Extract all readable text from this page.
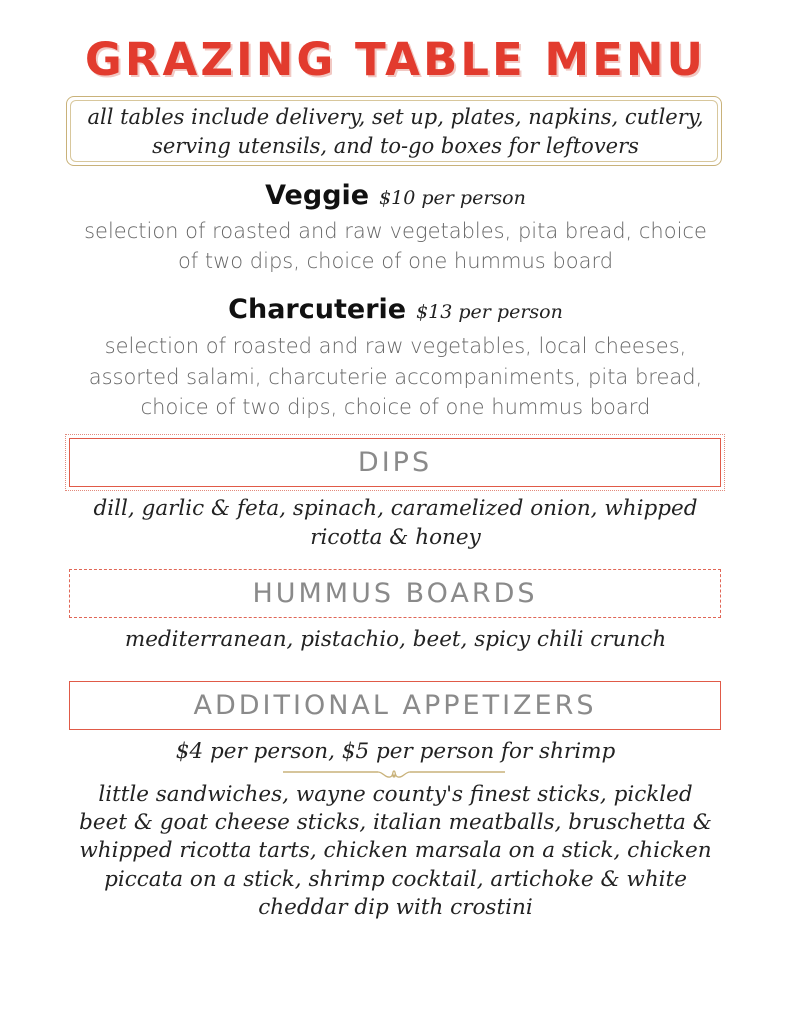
GRAZING TABLE MENU
all tables include delivery, set up, plates, napkins, cutlery,
serving utensils, and to-go boxes for leftovers
Veggie $10 per person
selection of roasted and raw vegetables, pita bread, choice
of two dips, choice of one hummus board
Charcuterie $13 per person
selection of roasted and raw vegetables, local cheeses,
assorted salami, charcuterie accompaniments, pita bread,
choice of two dips, choice of one hummus board
DIPS
dill, garlic & feta, spinach, caramelized onion, whipped
ricotta & honey
HUMMUS BOARDS
mediterranean, pistachio, beet, spicy chili crunch
ADDITIONAL APPETIZERS
$4 per person, $5 per person for shrimp
little sandwiches, wayne county's finest sticks, pickled
beet & goat cheese sticks, italian meatballs, bruschetta &
whipped ricotta tarts, chicken marsala on a stick, chicken
piccata on a stick, shrimp cocktail, artichoke & white
cheddar dip with crostini
